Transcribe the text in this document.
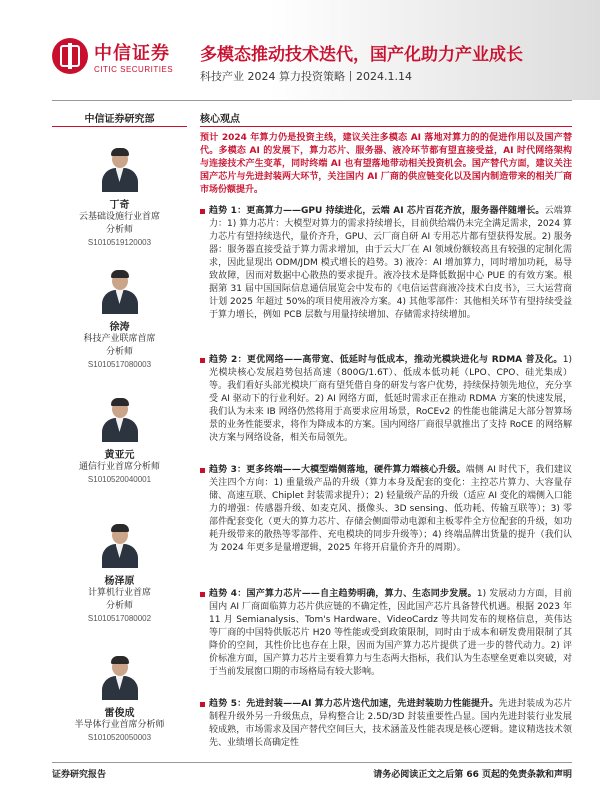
中信证券
CITIC SECURITIES
多模态推动技术迭代，国产化助力产业成长
科技产业 2024 算力投资策略丨2024.1.14
中信证券研究部	核心观点
丁奇
云基础设施行业首席
分析师
S1010519120003
徐涛
科技产业联席首席
分析师
S1010517080003
黄亚元
通信行业首席分析师
S1010520040001
杨泽原
计算机行业首席
分析师
S1010517080002
雷俊成
半导体行业首席分析师
S1010520050003
预计 2024 年算力仍是投资主线，建议关注多模态 AI 落地对算力的的促进作用以及国产替代。多模态 AI 的发展下，算力芯片、服务器、液冷环节都有望直接受益，AI 时代网络架构与连接技术产生变革，同时终端 AI 也有望落地带动相关投资机会。国产替代方面，建议关注国产芯片与先进封装两大环节，关注国内 AI 厂商的供应链变化以及国内制造带来的相关厂商市场份额提升。

趋势 1：更高算力——GPU 持续进化，云端 AI 芯片百花齐放，服务器伴随增长。云端算力：1) 算力芯片：大模型对算力的需求持续增长，目前供给端仍未完全满足需求，2024 算力芯片有望持续迭代，量价齐升，GPU、云厂商自研 AI 专用芯片都有望获得发展。2) 服务器：服务器直接受益于算力需求增加，由于云大厂在 AI 领域份额较高且有较强的定制化需求，因此显现出 ODM/JDM 模式增长的趋势。3) 液冷：AI 增加算力，同时增加功耗，易导致故障，因而对数据中心散热的要求提升。液冷技术是降低数据中心 PUE 的有效方案。根据第 31 届中国国际信息通信展览会中发布的《电信运营商液冷技术白皮书》，三大运营商计划 2025 年超过 50%的项目使用液冷方案。4) 其他零部件：其他相关环节有望持续受益于算力增长，例如 PCB 层数与用量持续增加、存储需求持续增加。

趋势 2：更优网络——高带宽、低延时与低成本，推动光模块进化与 RDMA 普及化。1) 光模块核心发展趋势包括高速（800G/1.6T）、低成本低功耗（LPO、CPO、硅光集成）等。我们看好头部光模块厂商有望凭借自身的研发与客户优势，持续保持领先地位，充分享受 AI 驱动下的行业利好。2) AI 网络方面，低延时需求正在推动 RDMA 方案的快速发展，我们认为未来 IB 网络仍然将用于高要求应用场景，RoCEv2 的性能也能满足大部分智算场景的业务性能要求，将作为降成本的方案。国内网络厂商很早就推出了支持 RoCE 的网络解决方案与网络设备，相关布局领先。

趋势 3：更多终端——大模型端侧落地，硬件算力端核心升级。端侧 AI 时代下，我们建议关注四个方向：1) 重量级产品的升级（算力本身及配套的变化：主控芯片算力、大容量存储、高速互联、Chiplet 封装需求提升）；2) 轻量级产品的升级（适应 AI 变化的端侧入口能力的增强：传感器升级、如麦克风、摄像头、3D sensing、低功耗、传输互联等）；3) 零部件配套变化（更大的算力芯片、存储会侧面带动电源和主板零件全方位配套的升级，如功耗升级带来的散热等零部件、充电模块的同步升级等）；4) 终端品牌出货量的提升（我们认为 2024 年更多是量增逻辑，2025 年将开启量价齐升的周期）。

趋势 4：国产算力芯片——自主趋势明确，算力、生态同步发展。1) 发展动力方面，目前国内 AI 厂商面临算力芯片供应链的不确定性，因此国产芯片具备替代机遇。根据 2023 年 11 月 Semianalysis、Tom's Hardware、VideoCardz 等共同发布的规格信息，英伟达等厂商的中国特供版芯片 H20 等性能或受到政策限制，同时由于成本和研发费用限制了其降价的空间，其性价比也存在上限，因而为国产算力芯片提供了进一步的替代动力。2) 评价标准方面，国产算力芯片主要看算力与生态两大指标，我们认为生态壁垒更难以突破，对于当前发展窗口期的市场格局有较大影响。

趋势 5：先进封装——AI 算力芯片迭代加速，先进封装助力性能提升。先进封装成为芯片制程升级外另一升级焦点，异构整合让 2.5D/3D 封装重要性凸显。国内先进封装行业发展较成熟，市场需求及国产替代空间巨大，技术涵盖及性能表现是核心逻辑。建议精选技术领先、业绩增长高确定性

证券研究报告	请务必阅读正文之后第 66 页起的免责条款和声明
